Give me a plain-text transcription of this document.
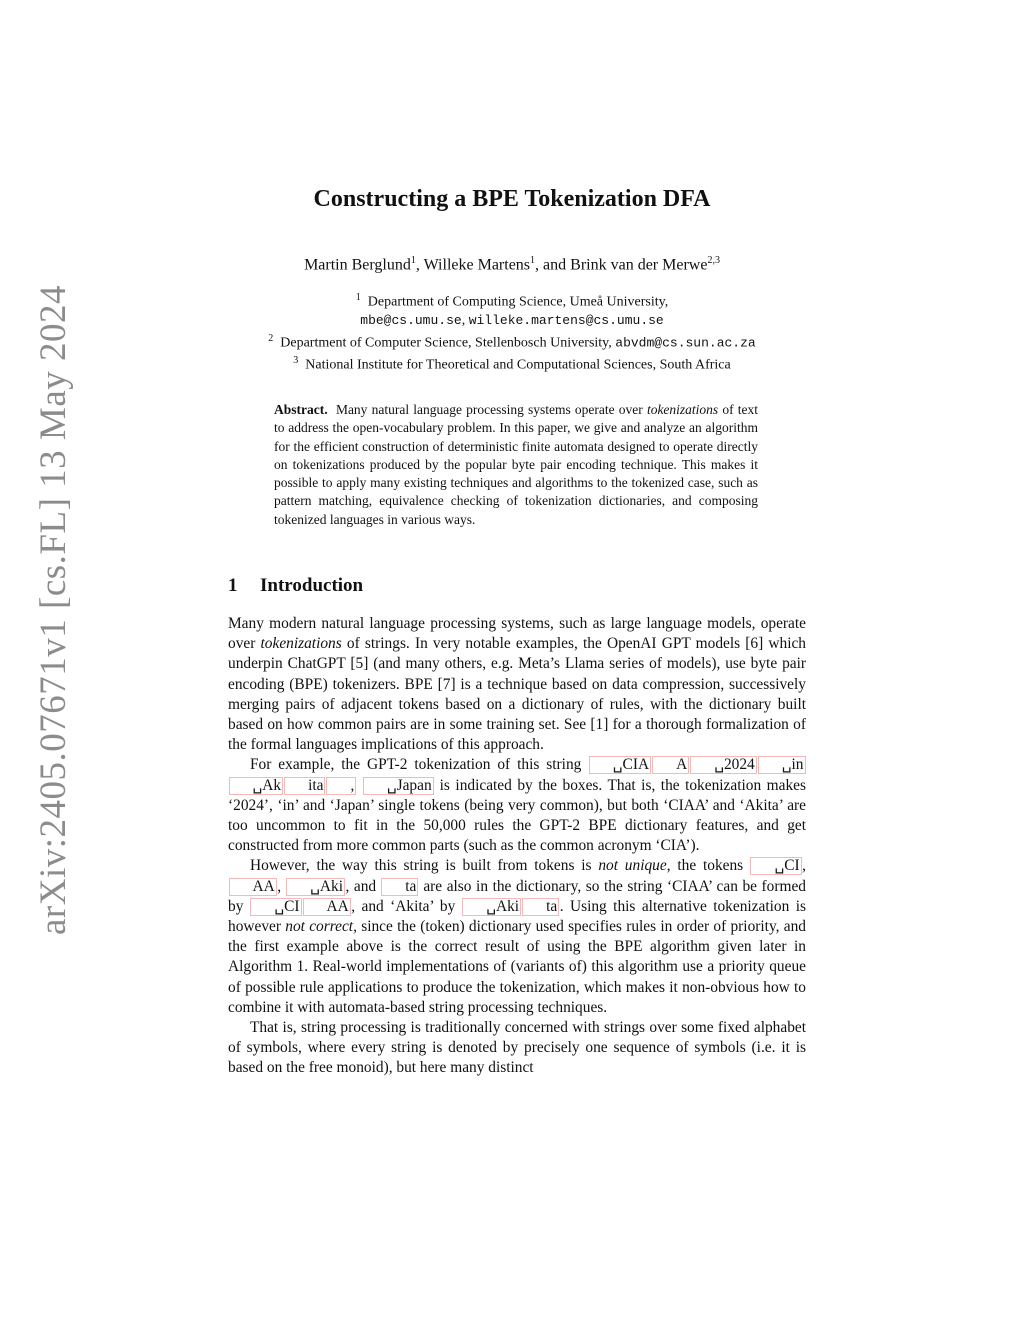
arXiv:2405.07671v1 [cs.FL] 13 May 2024
Constructing a BPE Tokenization DFA
Martin Berglund$^1$, Willeke Martens$^1$, and Brink van der Merwe$^{2,3}$
$^1$ Department of Computing Science, Umeå University,
mbe@cs.umu.se, willeke.martens@cs.umu.se
$^2$ Department of Computer Science, Stellenbosch University, abvdm@cs.sun.ac.za
$^3$ National Institute for Theoretical and Computational Sciences, South Africa
Abstract. Many natural language processing systems operate over tokenizations of text to address the open-vocabulary problem. In this paper, we give and analyze an algorithm for the efficient construction of deterministic finite automata designed to operate directly on tokenizations produced by the popular byte pair encoding technique. This makes it possible to apply many existing techniques and algorithms to the tokenized case, such as pattern matching, equivalence checking of tokenization dictionaries, and composing tokenized languages in various ways.
1 Introduction

Many modern natural language processing systems, such as large language models, operate over tokenizations of strings. In very notable examples, the OpenAI GPT models [6] which underpin ChatGPT [5] (and many others, e.g. Meta’s Llama series of models), use byte pair encoding (BPE) tokenizers. BPE [7] is a technique based on data compression, successively merging pairs of adjacent tokens based on a dictionary of rules, with the dictionary built based on how common pairs are in some training set. See [1] for a thorough formalization of the formal languages implications of this approach.

For example, the GPT-2 tokenization of this string ␣CIA A ␣2024 ␣in␣Ak ita , ␣Japan is indicated by the boxes. That is, the tokenization makes ‘2024’, ‘in’ and ‘Japan’ single tokens (being very common), but both ‘CIAA’ and ‘Akita’ are too uncommon to fit in the 50,000 rules the GPT-2 BPE dictionary features, and get constructed from more common parts (such as the common acronym ‘CIA’).

However, the way this string is built from tokens is not unique, the tokens ␣CI , AA , ␣Aki , and ta are also in the dictionary, so the string ‘CIAA’ can be formed by ␣CI AA , and ‘Akita’ by ␣Aki ta . Using this alternative tokenization is however not correct, since the (token) dictionary used specifies rules in order of priority, and the first example above is the correct result of using the BPE algorithm given later in Algorithm 1. Real-world implementations of (variants of) this algorithm use a priority queue of possible rule applications to produce the tokenization, which makes it non-obvious how to combine it with automata-based string processing techniques.

That is, string processing is traditionally concerned with strings over some fixed alphabet of symbols, where every string is denoted by precisely one sequence of symbols (i.e. it is based on the free monoid), but here many distinct
